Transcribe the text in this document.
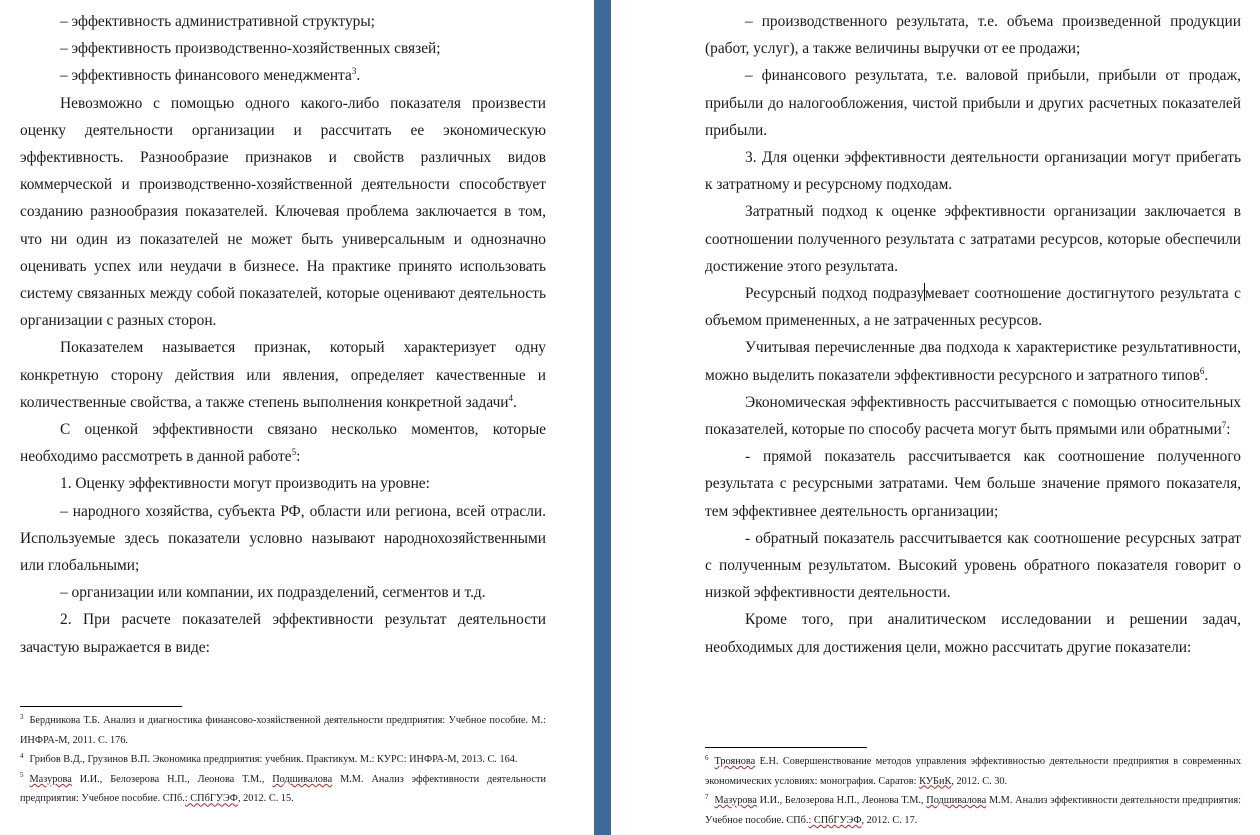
– эффективность административной структуры;

– эффективность производственно-хозяйственных связей;

– эффективность финансового менеджмента$^3$.

Невозможно с помощью одного какого-либо показателя произвести оценку деятельности организации и рассчитать ее экономическую эффективность. Разнообразие признаков и свойств различных видов коммерческой и производственно-хозяйственной деятельности способствует созданию разнообразия показателей. Ключевая проблема заключается в том, что ни один из показателей не может быть универсальным и однозначно оценивать успех или неудачи в бизнесе. На практике принято использовать систему связанных между собой показателей, которые оценивают деятельность организации с разных сторон.

Показателем называется признак, который характеризует одну конкретную сторону действия или явления, определяет качественные и количественные свойства, а также степень выполнения конкретной задачи$^4$.

С оценкой эффективности связано несколько моментов, которые необходимо рассмотреть в данной работе$^5$:

1. Оценку эффективности могут производить на уровне:

– народного хозяйства, субъекта РФ, области или региона, всей отрасли. Используемые здесь показатели условно называют народнохозяйственными или глобальными;

– организации или компании, их подразделений, сегментов и т.д.

2. При расчете показателей эффективности результат деятельности зачастую выражается в виде:

$^3$ Бердникова Т.Б. Анализ и диагностика финансово-хозяйственной деятельности предприятия: Учебное пособие. М.: ИНФРА-М, 2011. С. 176.

$^4$ Грибов В.Д., Грузинов В.П. Экономика предприятия: учебник. Практикум. М.: КУРС: ИНФРА-М, 2013. С. 164.

$^5$ Мазурова И.И., Белозерова Н.П., Леонова Т.М., Подшивалова М.М. Анализ эффективности деятельности предприятия: Учебное пособие. СПб.: СПбГУЭФ, 2012. С. 15.

– производственного результата, т.е. объема произведенной продукции (работ, услуг), а также величины выручки от ее продажи;

– финансового результата, т.е. валовой прибыли, прибыли от продаж, прибыли до налогообложения, чистой прибыли и других расчетных показателей прибыли.

3. Для оценки эффективности деятельности организации могут прибегать к затратному и ресурсному подходам.

Затратный подход к оценке эффективности организации заключается в соотношении полученного результата с затратами ресурсов, которые обеспечили достижение этого результата.

Ресурсный подход подразумевает соотношение достигнутого результата с объемом примененных, а не затраченных ресурсов.

Учитывая перечисленные два подхода к характеристике результативности, можно выделить показатели эффективности ресурсного и затратного типов$^6$.

Экономическая эффективность рассчитывается с помощью относительных показателей, которые по способу расчета могут быть прямыми или обратными$^7$:

- прямой показатель рассчитывается как соотношение полученного результата с ресурсными затратами. Чем больше значение прямого показателя, тем эффективнее деятельность организации;

- обратный показатель рассчитывается как соотношение ресурсных затрат с полученным результатом. Высокий уровень обратного показателя говорит о низкой эффективности деятельности.

Кроме того, при аналитическом исследовании и решении задач, необходимых для достижения цели, можно рассчитать другие показатели:

$^6$ Троянова Е.Н. Совершенствование методов управления эффективностью деятельности предприятия в современных экономических условиях: монография. Саратов: КУБиК, 2012. С. 30.

$^7$ Мазурова И.И., Белозерова Н.П., Леонова Т.М., Подшивалова М.М. Анализ эффективности деятельности предприятия: Учебное пособие. СПб.: СПбГУЭФ, 2012. С. 17.
